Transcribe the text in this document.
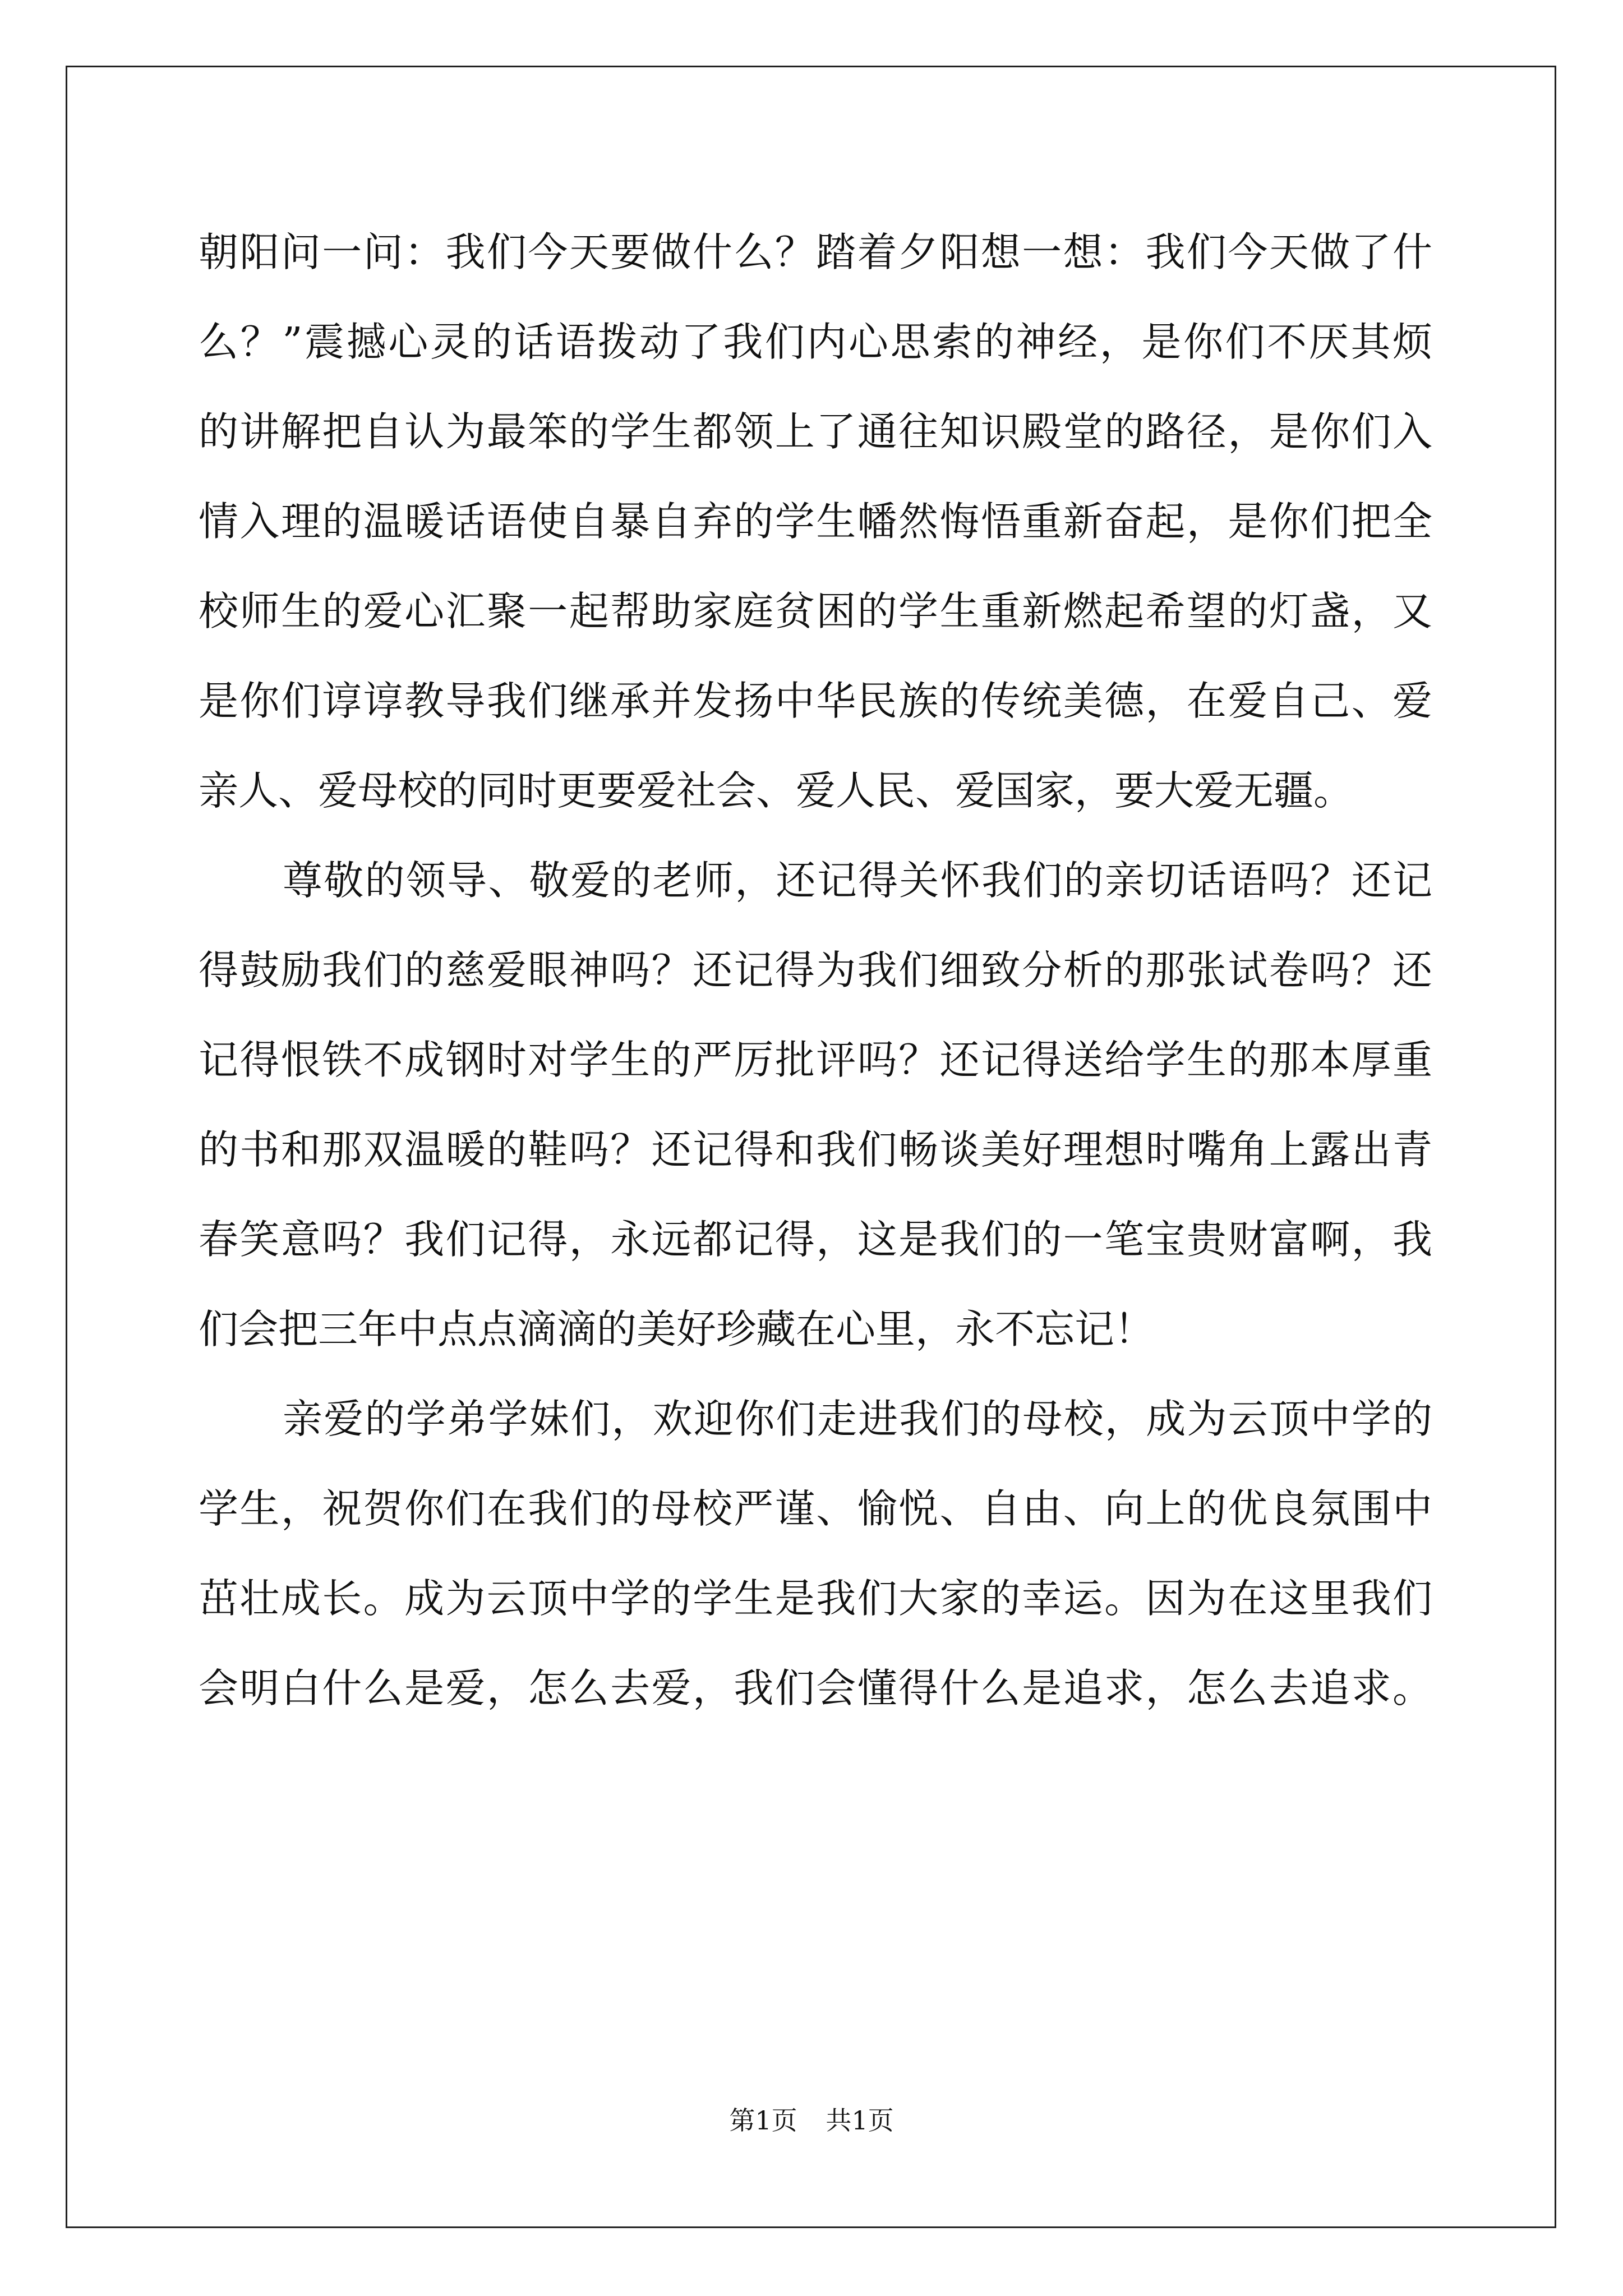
朝阳问一问：我们今天要做什么？踏着夕阳想一想：我们今天做了什
么？”震撼心灵的话语拨动了我们内心思索的神经，是你们不厌其烦
的讲解把自认为最笨的学生都领上了通往知识殿堂的路径，是你们入
情入理的温暖话语使自暴自弃的学生幡然悔悟重新奋起，是你们把全
校师生的爱心汇聚一起帮助家庭贫困的学生重新燃起希望的灯盏，又
是你们谆谆教导我们继承并发扬中华民族的传统美德，在爱自己、爱
亲人、爱母校的同时更要爱社会、爱人民、爱国家，要大爱无疆。
尊敬的领导、敬爱的老师，还记得关怀我们的亲切话语吗？还记
得鼓励我们的慈爱眼神吗？还记得为我们细致分析的那张试卷吗？还
记得恨铁不成钢时对学生的严厉批评吗？还记得送给学生的那本厚重
的书和那双温暖的鞋吗？还记得和我们畅谈美好理想时嘴角上露出青
春笑意吗？我们记得，永远都记得，这是我们的一笔宝贵财富啊，我
们会把三年中点点滴滴的美好珍藏在心里，永不忘记！
亲爱的学弟学妹们，欢迎你们走进我们的母校，成为云顶中学的
学生，祝贺你们在我们的母校严谨、愉悦、自由、向上的优良氛围中
茁壮成长。成为云顶中学的学生是我们大家的幸运。因为在这里我们
会明白什么是爱，怎么去爱，我们会懂得什么是追求，怎么去追求。
第1页 共1页
